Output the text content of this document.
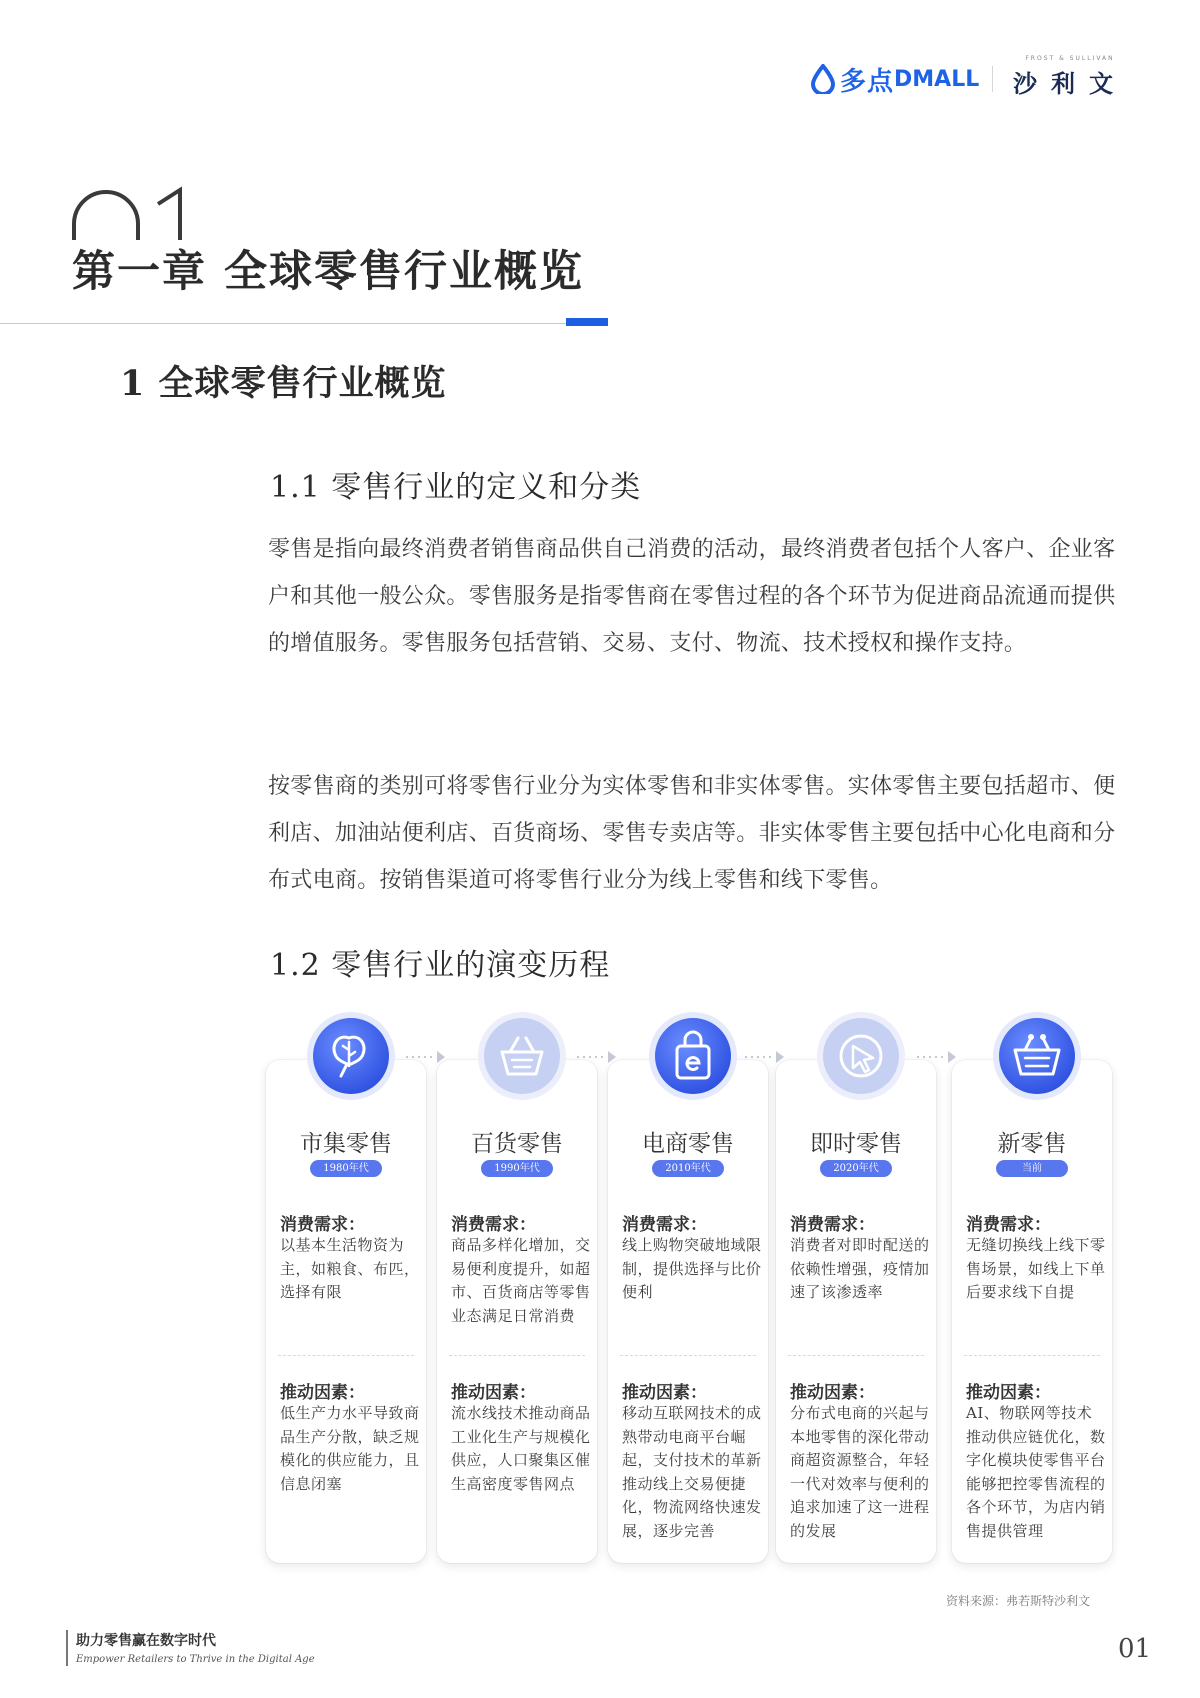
多点 DMALL
FROST & SULLIVAN
沙利文
第一章 全球零售行业概览
1 全球零售行业概览
1.1 零售行业的定义和分类
零售是指向最终消费者销售商品供自己消费的活动，最终消费者包括个人客户、企业客户和其他一般公众。零售服务是指零售商在零售过程的各个环节为促进商品流通而提供的增值服务。零售服务包括营销、交易、支付、物流、技术授权和操作支持。
按零售商的类别可将零售行业分为实体零售和非实体零售。实体零售主要包括超市、便利店、加油站便利店、百货商场、零售专卖店等。非实体零售主要包括中心化电商和分布式电商。按销售渠道可将零售行业分为线上零售和线下零售。
1.2 零售行业的演变历程
市集零售
1980年代
消费需求：
以基本生活物资为主，如粮食、布匹，选择有限
推动因素：
低生产力水平导致商品生产分散，缺乏规模化的供应能力，且信息闭塞
百货零售
1990年代
消费需求：
商品多样化增加，交易便利度提升，如超市、百货商店等零售业态满足日常消费
推动因素：
流水线技术推动商品工业化生产与规模化供应，人口聚集区催生高密度零售网点
电商零售
2010年代
消费需求：
线上购物突破地域限制，提供选择与比价便利
推动因素：
移动互联网技术的成熟带动电商平台崛起，支付技术的革新推动线上交易便捷化，物流网络快速发展，逐步完善
即时零售
2020年代
消费需求：
消费者对即时配送的依赖性增强，疫情加速了该渗透率
推动因素：
分布式电商的兴起与本地零售的深化带动商超资源整合，年轻一代对效率与便利的追求加速了这一进程的发展
新零售
当前
消费需求：
无缝切换线上线下零售场景，如线上下单后要求线下自提
推动因素：
AI、物联网等技术推动供应链优化，数字化模块使零售平台能够把控零售流程的各个环节，为店内销售提供管理
资料来源：弗若斯特沙利文
助力零售赢在数字时代
Empower Retailers to Thrive in the Digital Age	01
